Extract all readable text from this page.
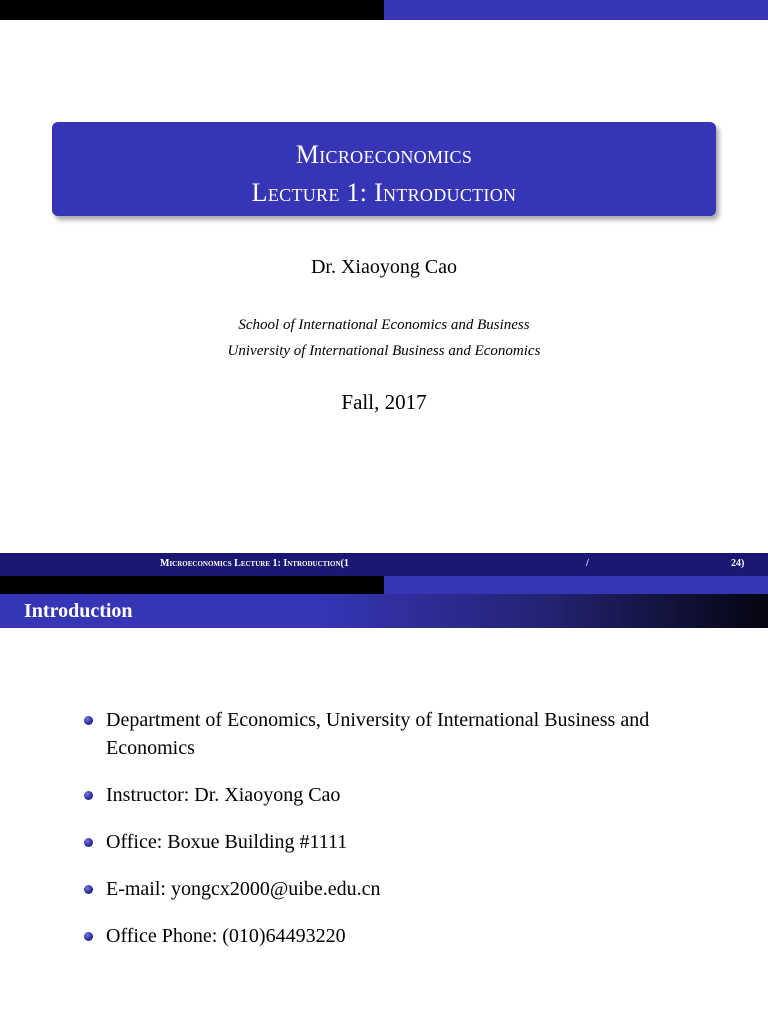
Microeconomics
Lecture 1: Introduction
Dr. Xiaoyong Cao
School of International Economics and Business
University of International Business and Economics
Fall, 2017
Microeconomics Lecture 1: Introduction(1	/	24)
Introduction
Department of Economics, University of International Business and Economics
Instructor: Dr. Xiaoyong Cao
Office: Boxue Building #1111
E-mail: yongcx2000@uibe.edu.cn
Office Phone: (010)64493220
